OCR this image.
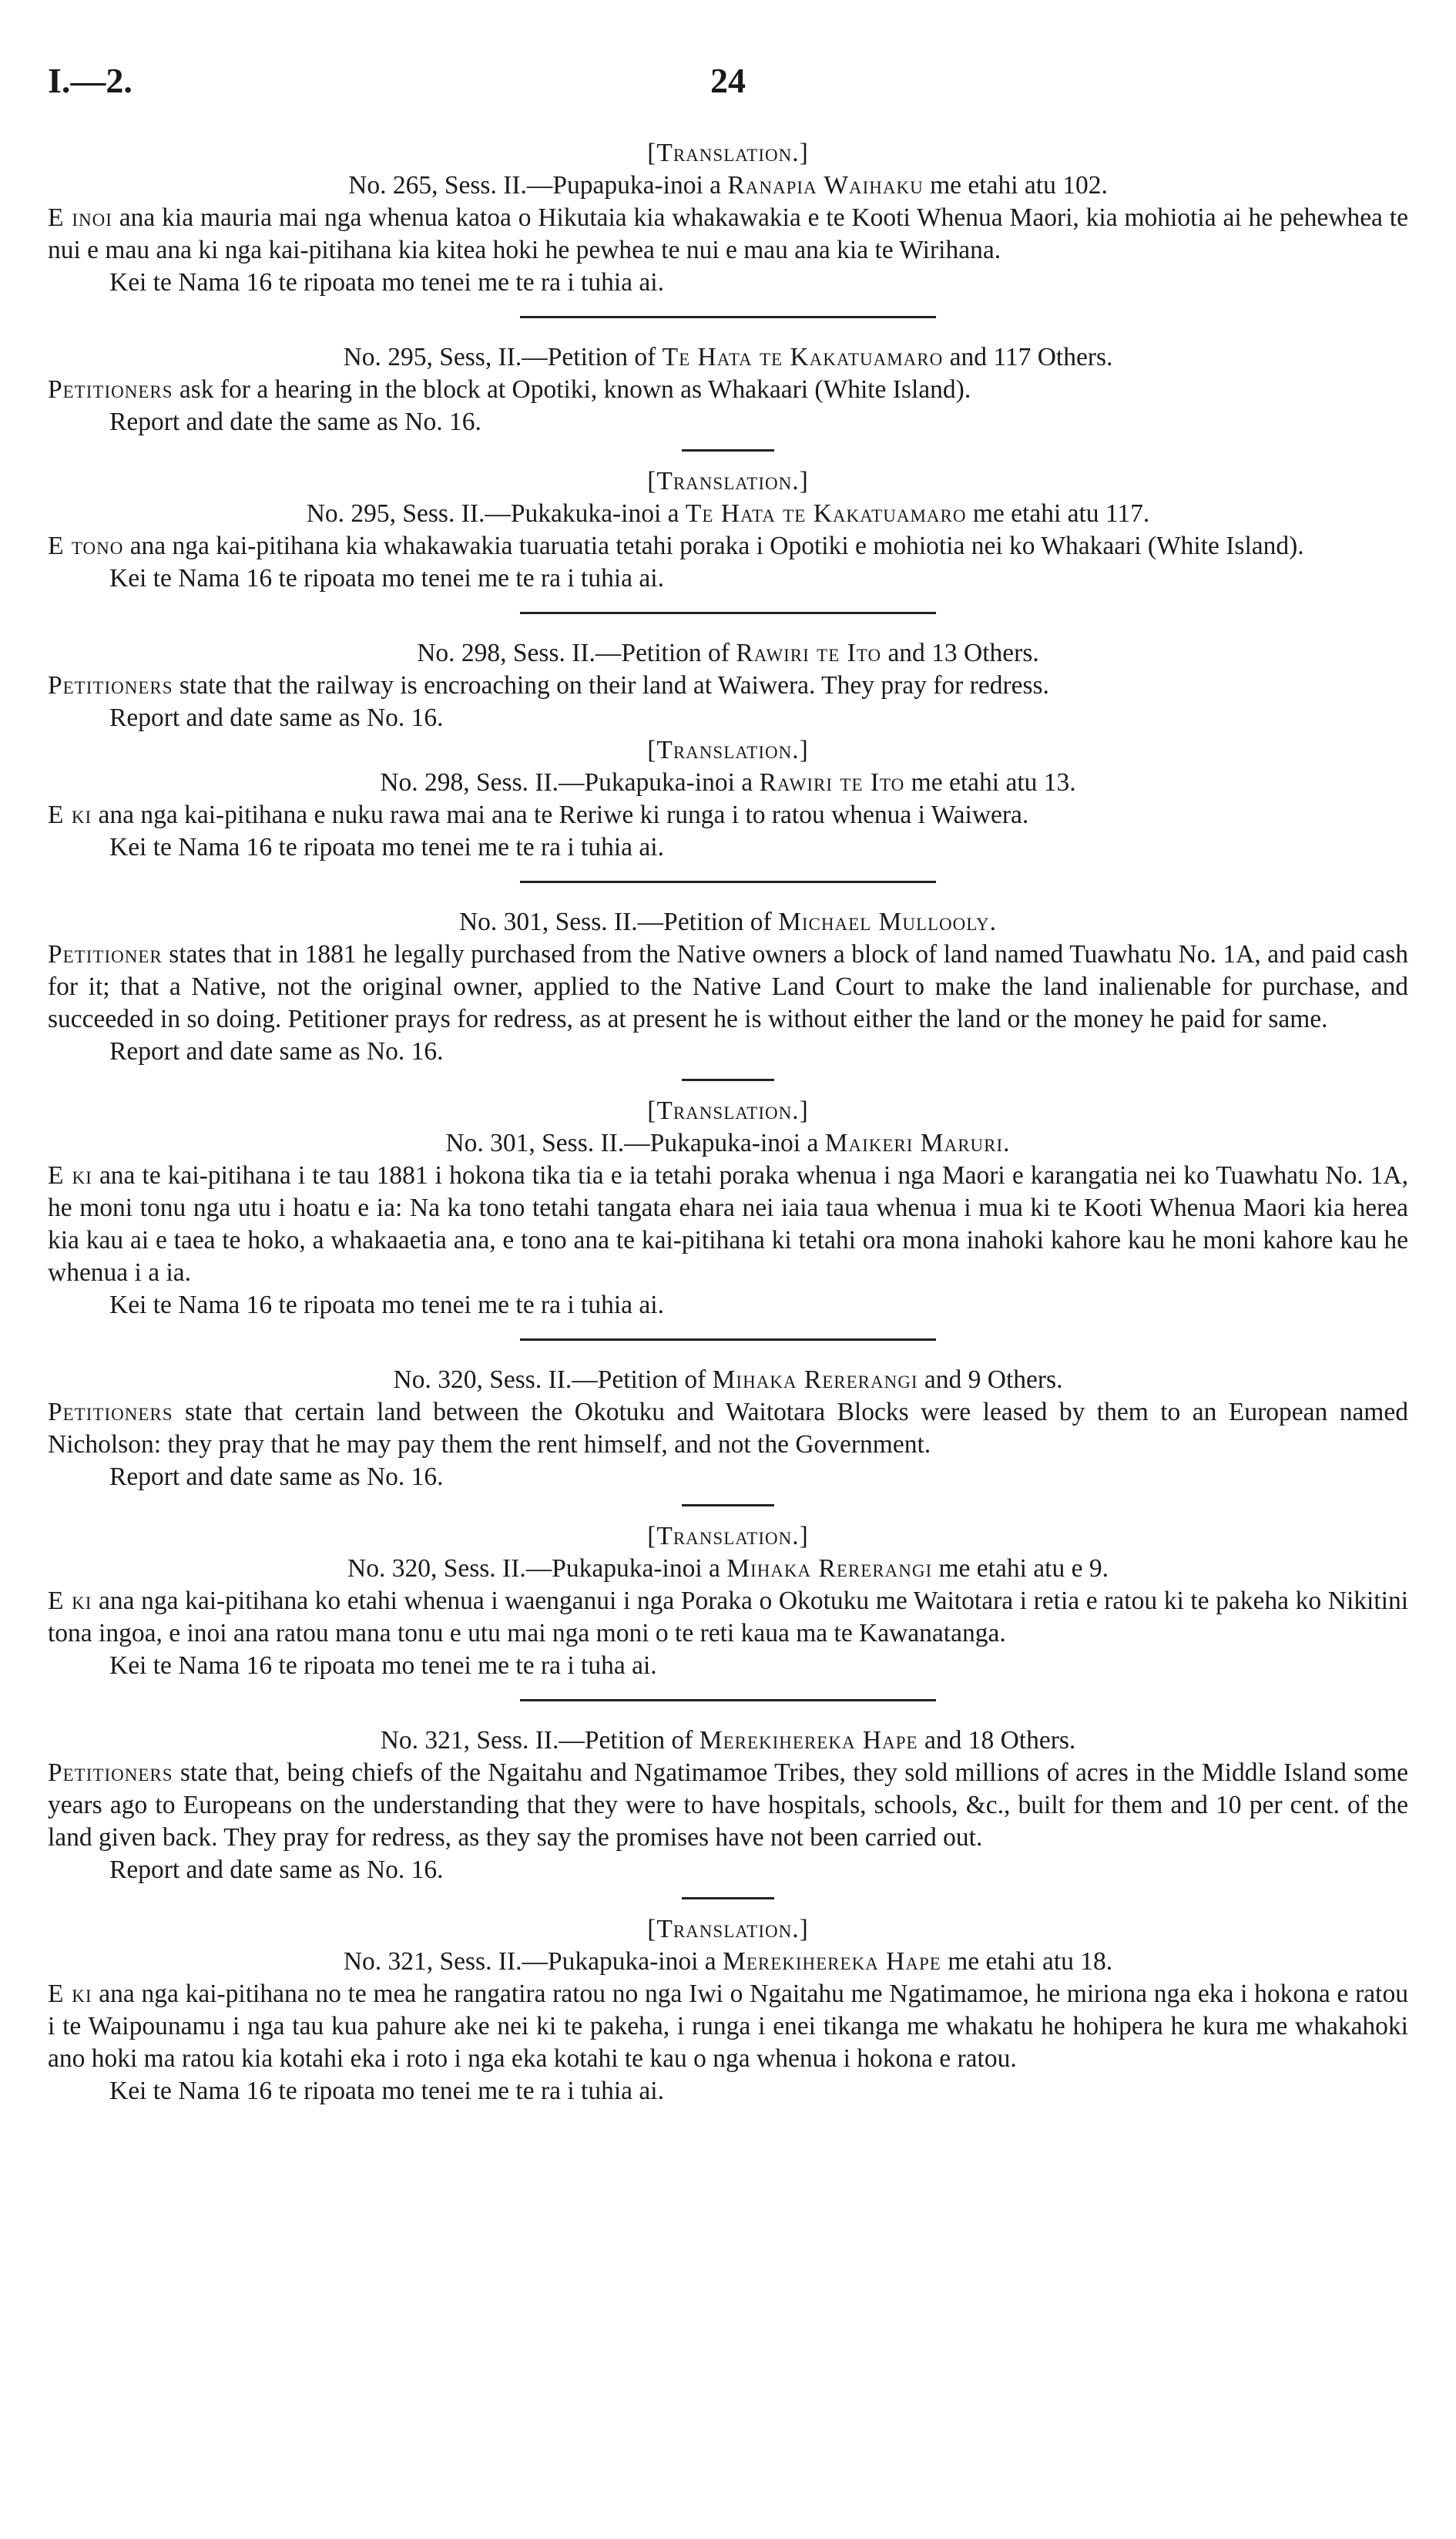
I.—2.	24
[Translation.]
No. 265, Sess. II.—Pupapuka-inoi a Ranapia Waihaku me etahi atu 102.
E inoi ana kia mauria mai nga whenua katoa o Hikutaia kia whakawakia e te Kooti Whenua Maori, kia mohiotia ai he pehewhea te nui e mau ana ki nga kai-pitihana kia kitea hoki he pewhea te nui e mau ana kia te Wirihana.
Kei te Nama 16 te ripoata mo tenei me te ra i tuhia ai.
No. 295, Sess, II.—Petition of Te Hata te Kakatuamaro and 117 Others.
Petitioners ask for a hearing in the block at Opotiki, known as Whakaari (White Island).
Report and date the same as No. 16.
[Translation.]
No. 295, Sess. II.—Pukakuka-inoi a Te Hata te Kakatuamaro me etahi atu 117.
E tono ana nga kai-pitihana kia whakawakia tuaruatia tetahi poraka i Opotiki e mohiotia nei ko Whakaari (White Island).
Kei te Nama 16 te ripoata mo tenei me te ra i tuhia ai.
No. 298, Sess. II.—Petition of Rawiri te Ito and 13 Others.
Petitioners state that the railway is encroaching on their land at Waiwera. They pray for redress.
Report and date same as No. 16.
[Translation.]
No. 298, Sess. II.—Pukapuka-inoi a Rawiri te Ito me etahi atu 13.
E ki ana nga kai-pitihana e nuku rawa mai ana te Reriwe ki runga i to ratou whenua i Waiwera.
Kei te Nama 16 te ripoata mo tenei me te ra i tuhia ai.
No. 301, Sess. II.—Petition of Michael Mullooly.
Petitioner states that in 1881 he legally purchased from the Native owners a block of land named Tuawhatu No. 1A, and paid cash for it; that a Native, not the original owner, applied to the Native Land Court to make the land inalienable for purchase, and succeeded in so doing. Petitioner prays for redress, as at present he is without either the land or the money he paid for same.
Report and date same as No. 16.
[Translation.]
No. 301, Sess. II.—Pukapuka-inoi a Maikeri Maruri.
E ki ana te kai-pitihana i te tau 1881 i hokona tika tia e ia tetahi poraka whenua i nga Maori e karangatia nei ko Tuawhatu No. 1A, he moni tonu nga utu i hoatu e ia: Na ka tono tetahi tangata ehara nei iaia taua whenua i mua ki te Kooti Whenua Maori kia herea kia kau ai e taea te hoko, a whakaaetia ana, e tono ana te kai-pitihana ki tetahi ora mona inahoki kahore kau he moni kahore kau he whenua i a ia.
Kei te Nama 16 te ripoata mo tenei me te ra i tuhia ai.
No. 320, Sess. II.—Petition of Mihaka Rererangi and 9 Others.
Petitioners state that certain land between the Okotuku and Waitotara Blocks were leased by them to an European named Nicholson: they pray that he may pay them the rent himself, and not the Government.
Report and date same as No. 16.
[Translation.]
No. 320, Sess. II.—Pukapuka-inoi a Mihaka Rererangi me etahi atu e 9.
E ki ana nga kai-pitihana ko etahi whenua i waenganui i nga Poraka o Okotuku me Waitotara i retia e ratou ki te pakeha ko Nikitini tona ingoa, e inoi ana ratou mana tonu e utu mai nga moni o te reti kaua ma te Kawanatanga.
Kei te Nama 16 te ripoata mo tenei me te ra i tuha ai.
No. 321, Sess. II.—Petition of Merekihereka Hape and 18 Others.
Petitioners state that, being chiefs of the Ngaitahu and Ngatimamoe Tribes, they sold millions of acres in the Middle Island some years ago to Europeans on the understanding that they were to have hospitals, schools, &c., built for them and 10 per cent. of the land given back. They pray for redress, as they say the promises have not been carried out.
Report and date same as No. 16.
[Translation.]
No. 321, Sess. II.—Pukapuka-inoi a Merekihereka Hape me etahi atu 18.
E ki ana nga kai-pitihana no te mea he rangatira ratou no nga Iwi o Ngaitahu me Ngatimamoe, he miriona nga eka i hokona e ratou i te Waipounamu i nga tau kua pahure ake nei ki te pakeha, i runga i enei tikanga me whakatu he hohipera he kura me whakahoki ano hoki ma ratou kia kotahi eka i roto i nga eka kotahi te kau o nga whenua i hokona e ratou.
Kei te Nama 16 te ripoata mo tenei me te ra i tuhia ai.
